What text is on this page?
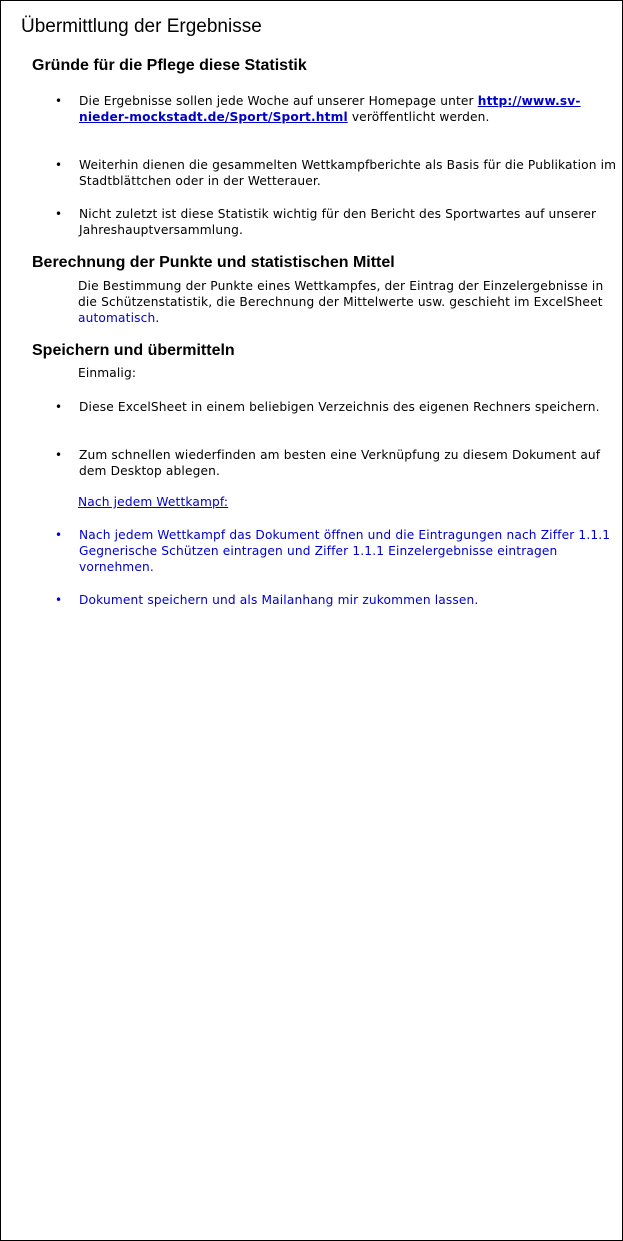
Übermittlung der Ergebnisse
Gründe für die Pflege diese Statistik
• Die Ergebnisse sollen jede Woche auf unserer Homepage unter http://www.sv-nieder-mockstadt.de/Sport/Sport.html veröffentlicht werden.
• Weiterhin dienen die gesammelten Wettkampfberichte als Basis für die Publikation im Stadtblättchen oder in der Wetterauer.
• Nicht zuletzt ist diese Statistik wichtig für den Bericht des Sportwartes auf unserer Jahreshauptversammlung.
Berechnung der Punkte und statistischen Mittel
Die Bestimmung der Punkte eines Wettkampfes, der Eintrag der Einzelergebnisse in die Schützenstatistik, die Berechnung der Mittelwerte usw. geschieht im ExcelSheet automatisch.
Speichern und übermitteln
Einmalig:
• Diese ExcelSheet in einem beliebigen Verzeichnis des eigenen Rechners speichern.
• Zum schnellen wiederfinden am besten eine Verknüpfung zu diesem Dokument auf dem Desktop ablegen.
Nach jedem Wettkampf:
• Nach jedem Wettkampf das Dokument öffnen und die Eintragungen nach Ziffer 1.1.1 Gegnerische Schützen eintragen und Ziffer 1.1.1 Einzelergebnisse eintragen vornehmen.
• Dokument speichern und als Mailanhang mir zukommen lassen.
